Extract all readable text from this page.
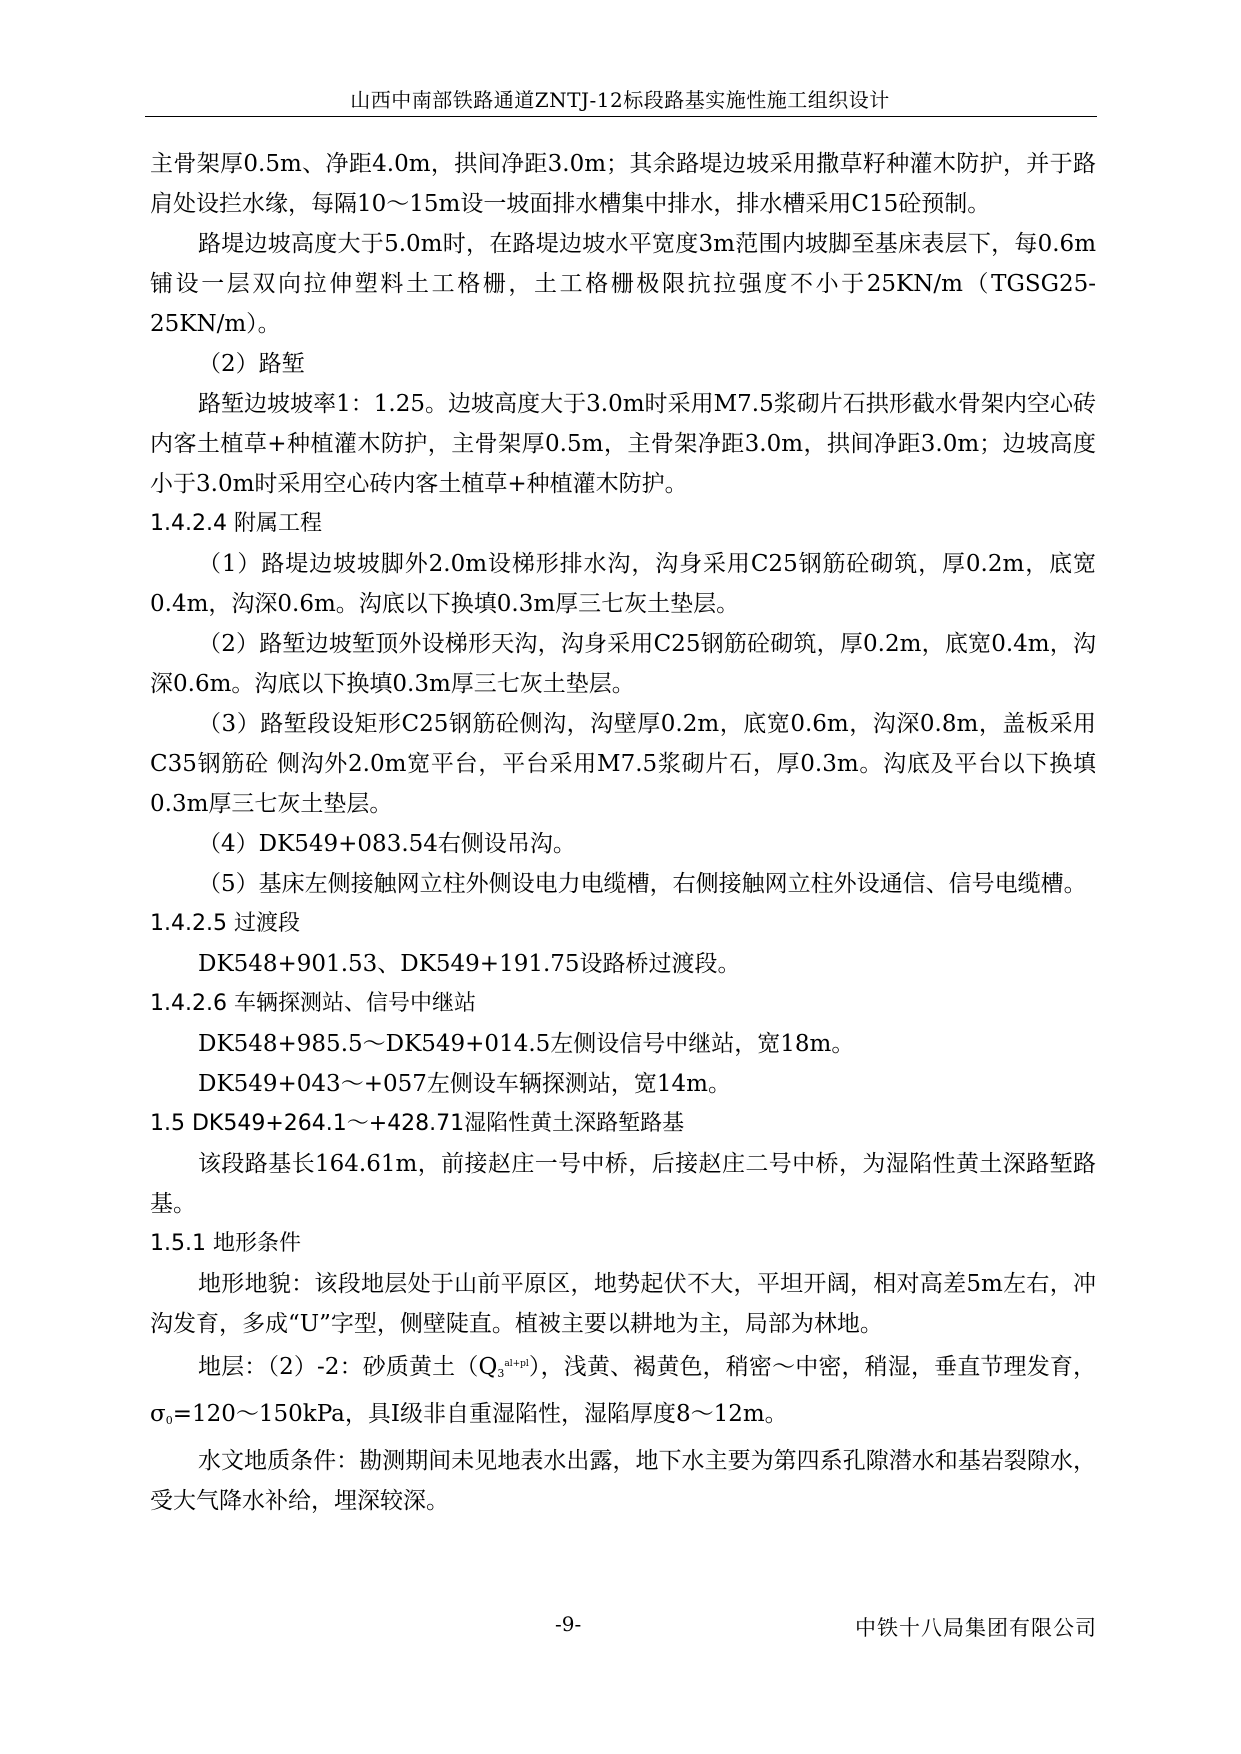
山西中南部铁路通道ZNTJ-12标段路基实施性施工组织设计

主骨架厚0.5m、净距4.0m，拱间净距3.0m；其余路堤边坡采用撒草籽种灌木防护，并于路肩处设拦水缘，每隔10～15m设一坡面排水槽集中排水，排水槽采用C15砼预制。

路堤边坡高度大于5.0m时，在路堤边坡水平宽度3m范围内坡脚至基床表层下，每0.6m铺设一层双向拉伸塑料土工格栅，土工格栅极限抗拉强度不小于25KN/m（TGSG25-25KN/m）。

（2）路堑

路堑边坡坡率1：1.25。边坡高度大于3.0m时采用M7.5浆砌片石拱形截水骨架内空心砖内客土植草+种植灌木防护，主骨架厚0.5m，主骨架净距3.0m，拱间净距3.0m；边坡高度小于3.0m时采用空心砖内客土植草+种植灌木防护。

1.4.2.4 附属工程

（1）路堤边坡坡脚外2.0m设梯形排水沟，沟身采用C25钢筋砼砌筑，厚0.2m，底宽0.4m，沟深0.6m。沟底以下换填0.3m厚三七灰土垫层。

（2）路堑边坡堑顶外设梯形天沟，沟身采用C25钢筋砼砌筑，厚0.2m，底宽0.4m，沟深0.6m。沟底以下换填0.3m厚三七灰土垫层。

（3）路堑段设矩形C25钢筋砼侧沟，沟壁厚0.2m，底宽0.6m，沟深0.8m，盖板采用C35钢筋砼 侧沟外2.0m宽平台，平台采用M7.5浆砌片石，厚0.3m。沟底及平台以下换填0.3m厚三七灰土垫层。

（4）DK549+083.54右侧设吊沟。

（5）基床左侧接触网立柱外侧设电力电缆槽，右侧接触网立柱外设通信、信号电缆槽。

1.4.2.5 过渡段

DK548+901.53、DK549+191.75设路桥过渡段。

1.4.2.6 车辆探测站、信号中继站

DK548+985.5～DK549+014.5左侧设信号中继站，宽18m。

DK549+043～+057左侧设车辆探测站，宽14m。

1.5 DK549+264.1～+428.71湿陷性黄土深路堑路基

该段路基长164.61m，前接赵庄一号中桥，后接赵庄二号中桥，为湿陷性黄土深路堑路基。

1.5.1 地形条件

地形地貌：该段地层处于山前平原区，地势起伏不大，平坦开阔，相对高差5m左右，冲沟发育，多成“U”字型，侧壁陡直。植被主要以耕地为主，局部为林地。

地层：（2）-2：砂质黄土$(Q_3^{al+pl})$，浅黄、褐黄色，稍密～中密，稍湿，垂直节理发育，$\sigma_0=120\sim 150kPa$，具Ⅰ级非自重湿陷性，湿陷厚度8～12m。

水文地质条件：勘测期间未见地表水出露，地下水主要为第四系孔隙潜水和基岩裂隙水，受大气降水补给，埋深较深。

-9-	中铁十八局集团有限公司
